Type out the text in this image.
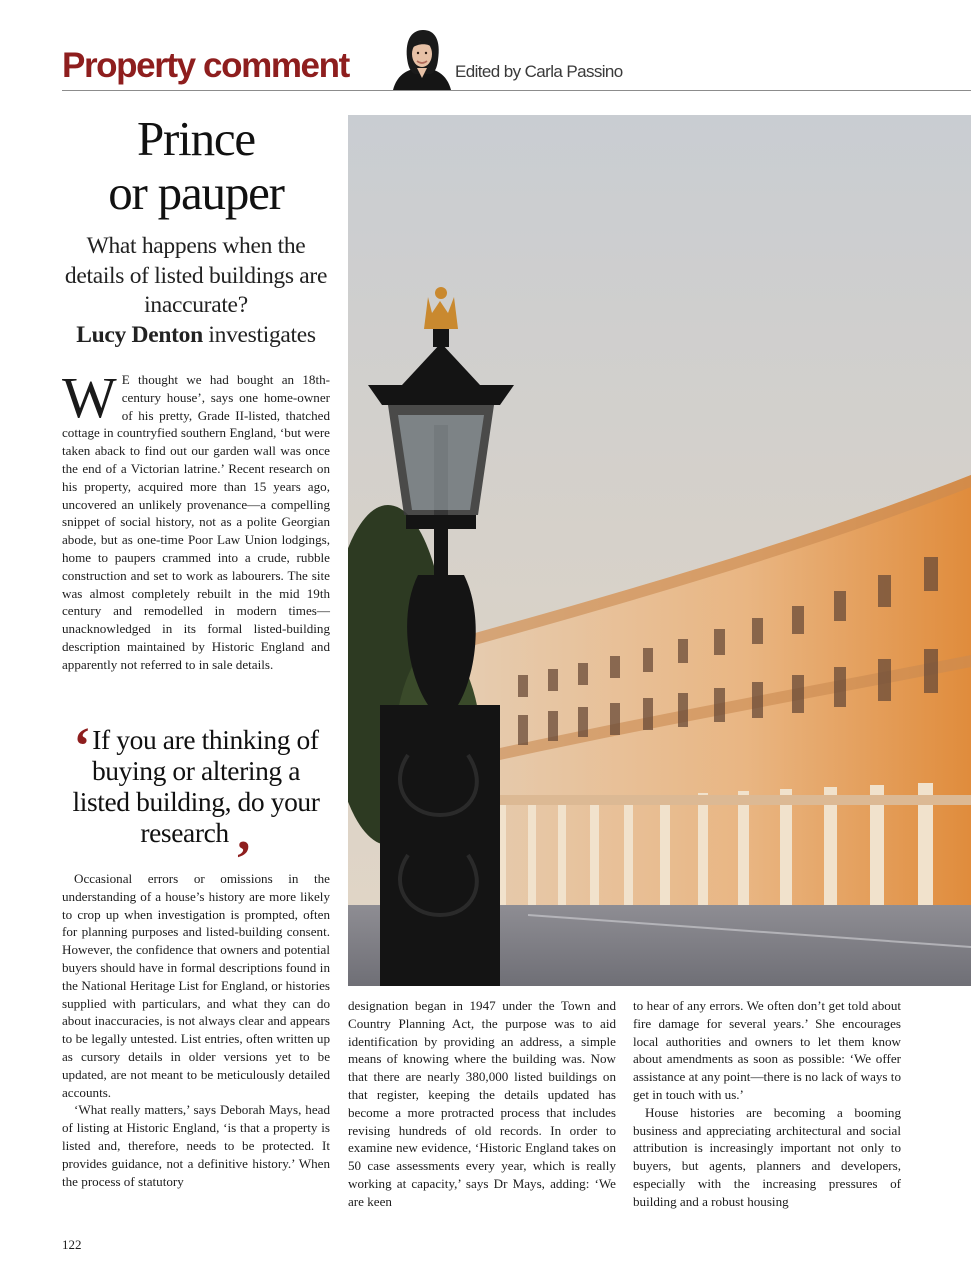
Property comment	Edited by Carla Passino
Prince
or pauper
What happens when the details of listed buildings are inaccurate?
Lucy Denton investigates

W E thought we had bought an 18th-century house’, says one home-owner of his pretty, Grade II-listed, thatched cottage in countryfied southern England, ‘but were taken aback to find out our garden wall was once the end of a Victorian latrine.’ Recent research on his property, acquired more than 15 years ago, uncovered an unlikely provenance—a compelling snippet of social history, not as a polite Georgian abode, but as one-time Poor Law Union lodgings, home to paupers crammed into a crude, rubble construction and set to work as labourers. The site was almost completely rebuilt in the mid 19th century and remodelled in modern times—unacknowledged in its formal listed-building description maintained by Historic England and apparently not referred to in sale details.

‘If you are thinking of buying or altering a listed building, do your research ’

Occasional errors or omissions in the understanding of a house’s history are more likely to crop up when investigation is prompted, often for planning purposes and listed-building consent. However, the confidence that owners and potential buyers should have in formal descriptions found in the National Heritage List for England, or histories supplied with particulars, and what they can do about inaccuracies, is not always clear and appears to be legally untested. List entries, often written up as cursory details in older versions yet to be updated, are not meant to be meticulously detailed accounts.

‘What really matters,’ says Deborah Mays, head of listing at Historic England, ‘is that a property is listed and, therefore, needs to be protected. It provides guidance, not a definitive history.’ When the process of statutory

designation began in 1947 under the Town and Country Planning Act, the purpose was to aid identification by providing an address, a simple means of knowing where the building was. Now that there are nearly 380,000 listed buildings on that register, keeping the details updated has become a more protracted process that includes revising hundreds of old records. In order to examine new evidence, ‘Historic England takes on 50 case assessments every year, which is really working at capacity,’ says Dr Mays, adding: ‘We are keen

to hear of any errors. We often don’t get told about fire damage for several years.’ She encourages local authorities and owners to let them know about amendments as soon as possible: ‘We offer assistance at any point—there is no lack of ways to get in touch with us.’

House histories are becoming a booming business and appreciating architectural and social attribution is increasingly important not only to buyers, but agents, planners and developers, especially with the increasing pressures of building and a robust housing

122
